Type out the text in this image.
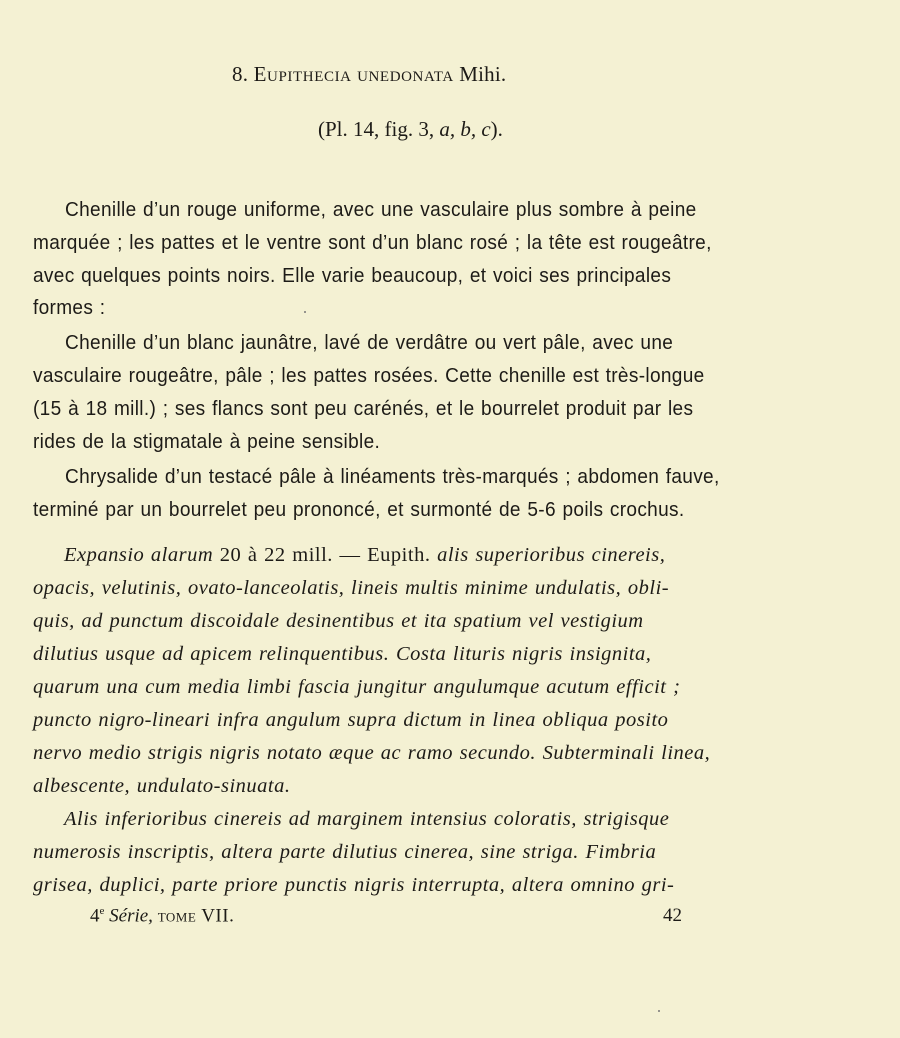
8. Eupithecia unedonata Mihi.
(Pl. 14, fig. 3, a, b, c).
Chenille d’un rouge uniforme, avec une vasculaire plus sombre à peine
marquée ; les pattes et le ventre sont d’un blanc rosé ; la tête est rougeâtre,
avec quelques points noirs. Elle varie beaucoup, et voici ses principales
formes :
Chenille d’un blanc jaunâtre, lavé de verdâtre ou vert pâle, avec une
vasculaire rougeâtre, pâle ; les pattes rosées. Cette chenille est très-longue
(15 à 18 mill.) ; ses flancs sont peu carénés, et le bourrelet produit par les
rides de la stigmatale à peine sensible.
Chrysalide d’un testacé pâle à linéaments très-marqués ; abdomen fauve,
terminé par un bourrelet peu prononcé, et surmonté de 5-6 poils crochus.
Expansio alarum 20 à 22 mill. — Eupith. alis superioribus cinereis,
opacis, velutinis, ovato-lanceolatis, lineis multis minime undulatis, obli-
quis, ad punctum discoidale desinentibus et ita spatium vel vestigium
dilutius usque ad apicem relinquentibus. Costa lituris nigris insignita,
quarum una cum media limbi fascia jungitur angulumque acutum efficit ;
puncto nigro-lineari infra angulum supra dictum in linea obliqua posito
nervo medio strigis nigris notato æque ac ramo secundo. Subterminali linea,
albescente, undulato-sinuata.
Alis inferioribus cinereis ad marginem intensius coloratis, strigisque
numerosis inscriptis, altera parte dilutius cinerea, sine striga. Fimbria
grisea, duplici, parte priore punctis nigris interrupta, altera omnino gri-
4e Série, tome VII.	42
